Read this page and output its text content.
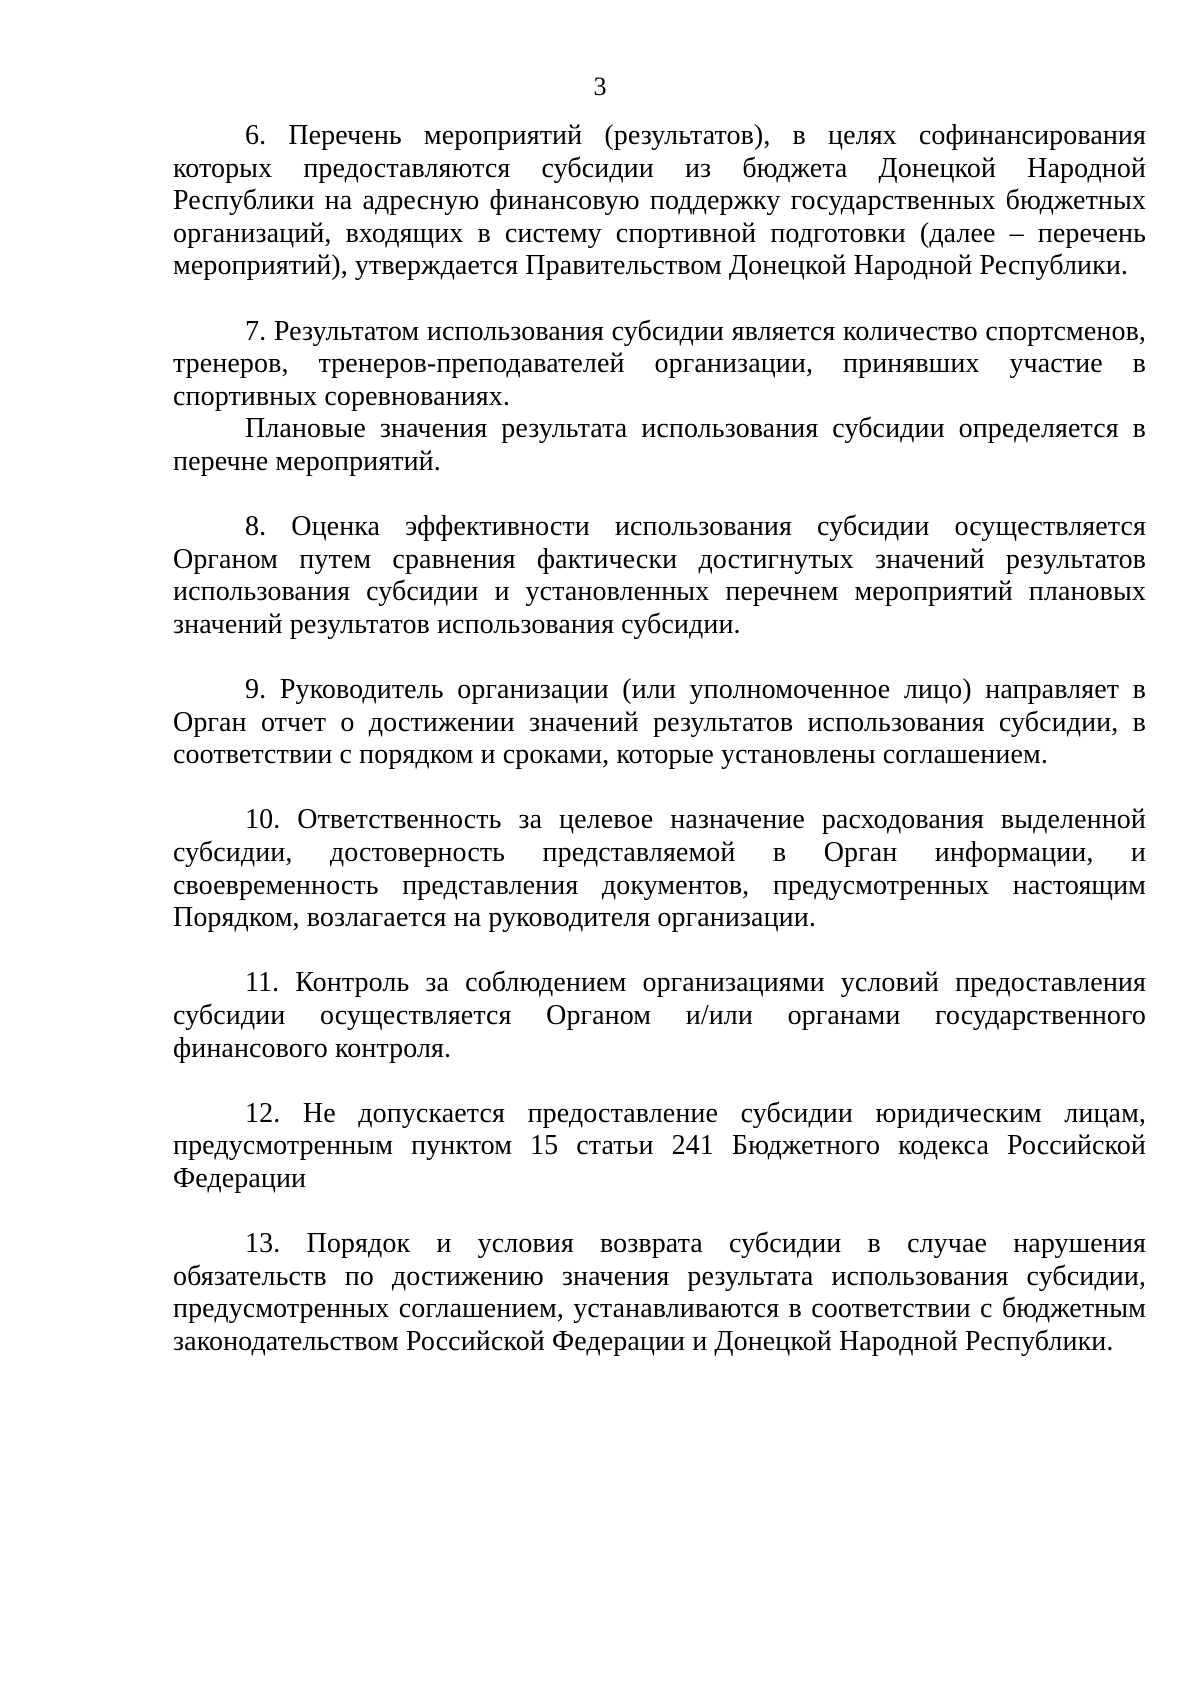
3

6. Перечень мероприятий (результатов), в целях софинансирования которых предоставляются субсидии из бюджета Донецкой Народной Республики на адресную финансовую поддержку государственных бюджетных организаций, входящих в систему спортивной подготовки (далее – перечень мероприятий), утверждается Правительством Донецкой Народной Республики.

7. Результатом использования субсидии является количество спортсменов, тренеров, тренеров-преподавателей организации, принявших участие в спортивных соревнованиях.

Плановые значения результата использования субсидии определяется в перечне мероприятий.

8. Оценка эффективности использования субсидии осуществляется Органом путем сравнения фактически достигнутых значений результатов использования субсидии и установленных перечнем мероприятий плановых значений результатов использования субсидии.

9. Руководитель организации (или уполномоченное лицо) направляет в Орган отчет о достижении значений результатов использования субсидии, в соответствии с порядком и сроками, которые установлены соглашением.

10. Ответственность за целевое назначение расходования выделенной субсидии, достоверность представляемой в Орган информации, и своевременность представления документов, предусмотренных настоящим Порядком, возлагается на руководителя организации.

11. Контроль за соблюдением организациями условий предоставления субсидии осуществляется Органом и/или органами государственного финансового контроля.

12. Не допускается предоставление субсидии юридическим лицам, предусмотренным пунктом 15 статьи 241 Бюджетного кодекса Российской Федерации

13. Порядок и условия возврата субсидии в случае нарушения обязательств по достижению значения результата использования субсидии, предусмотренных соглашением, устанавливаются в соответствии с бюджетным законодательством Российской Федерации и Донецкой Народной Республики.
